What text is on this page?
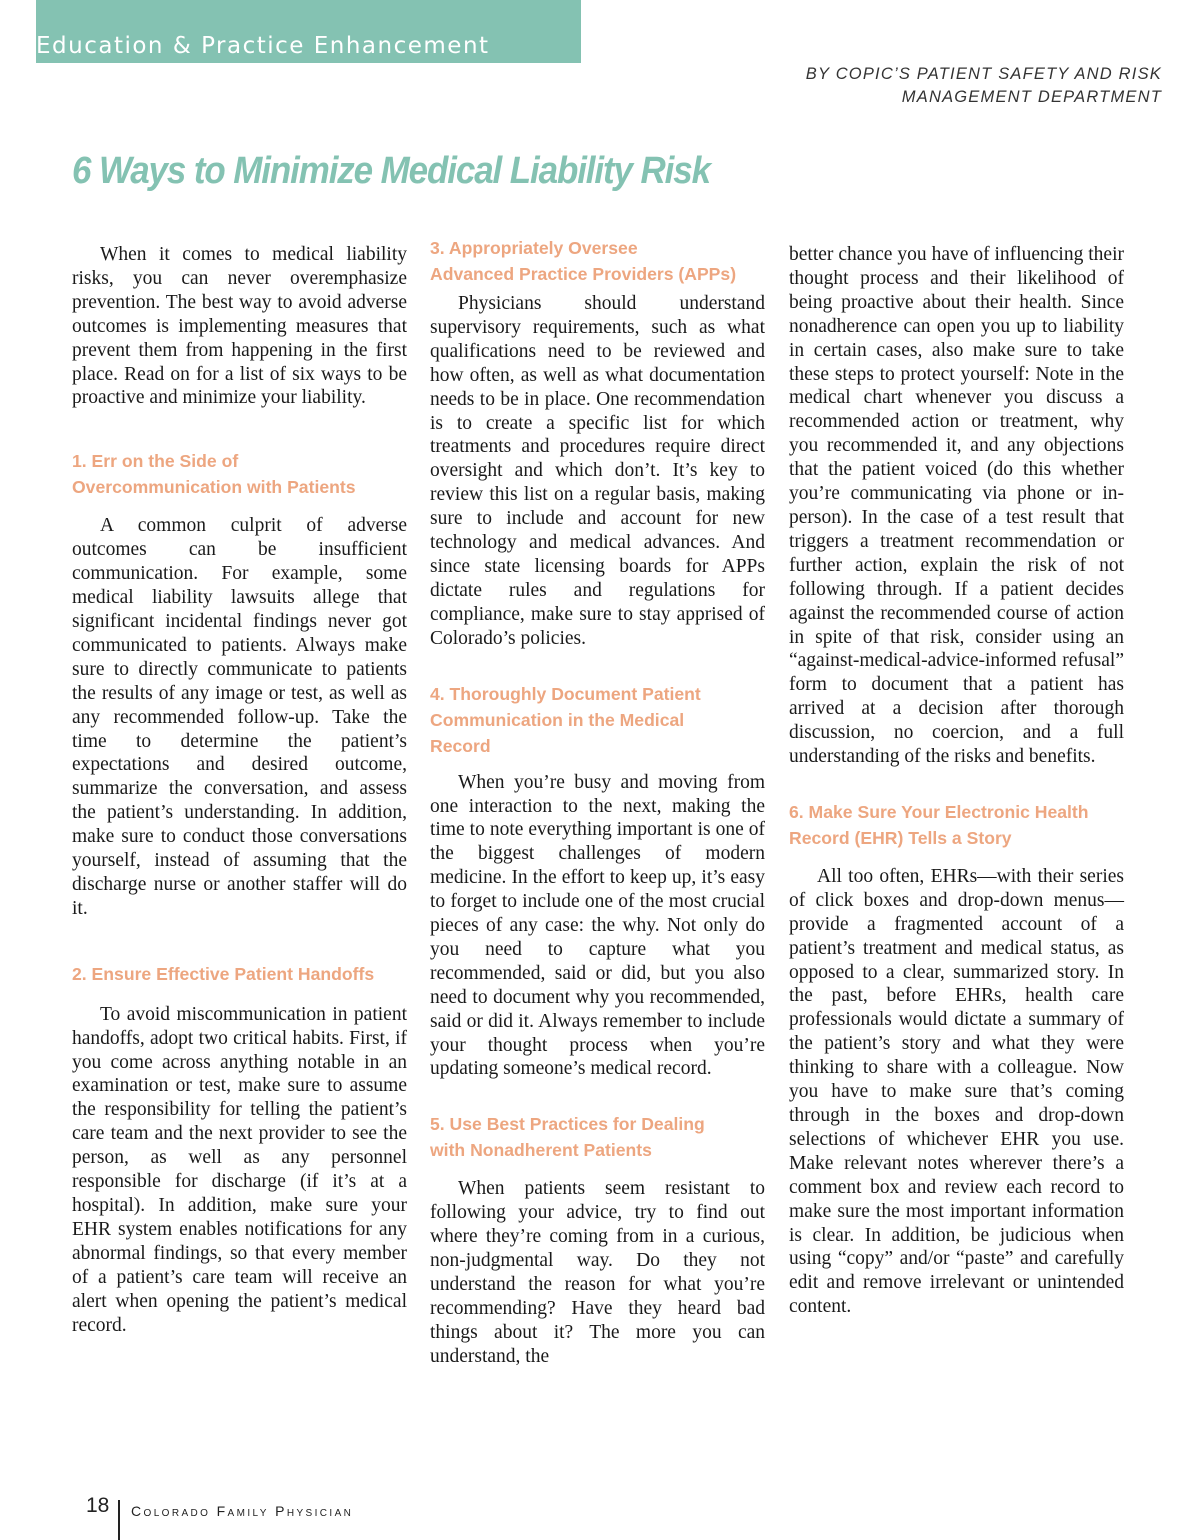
Education & Practice Enhancement
BY COPIC’S PATIENT SAFETY AND RISK
MANAGEMENT DEPARTMENT
6 Ways to Minimize Medical Liability Risk

When it comes to medical liability risks, you can never overemphasize prevention. The best way to avoid adverse outcomes is implementing measures that prevent them from happening in the first place. Read on for a list of six ways to be proactive and minimize your liability.

1. Err on the Side of
Overcommunication with Patients

A common culprit of adverse outcomes can be insufficient communication. For example, some medical liability lawsuits allege that significant incidental findings never got communicated to patients. Always make sure to directly communicate to patients the results of any image or test, as well as any recommended follow-up. Take the time to determine the patient’s expectations and desired outcome, summarize the conversation, and assess the patient’s understanding. In addition, make sure to conduct those conversations yourself, instead of assuming that the discharge nurse or another staffer will do it.

2. Ensure Effective Patient Handoffs

To avoid miscommunication in patient handoffs, adopt two critical habits. First, if you come across anything notable in an examination or test, make sure to assume the responsibility for telling the patient’s care team and the next provider to see the person, as well as any personnel responsible for discharge (if it’s at a hospital). In addition, make sure your EHR system enables notifications for any abnormal findings, so that every member of a patient’s care team will receive an alert when opening the patient’s medical record.

3. Appropriately Oversee
Advanced Practice Providers (APPs)

Physicians should understand supervisory requirements, such as what qualifications need to be reviewed and how often, as well as what documentation needs to be in place. One recommendation is to create a specific list for which treatments and procedures require direct oversight and which don’t. It’s key to review this list on a regular basis, making sure to include and account for new technology and medical advances. And since state licensing boards for APPs dictate rules and regulations for compliance, make sure to stay apprised of Colorado’s policies.

4. Thoroughly Document Patient
Communication in the Medical
Record

When you’re busy and moving from one interaction to the next, making the time to note everything important is one of the biggest challenges of modern medicine. In the effort to keep up, it’s easy to forget to include one of the most crucial pieces of any case: the why. Not only do you need to capture what you recommended, said or did, but you also need to document why you recommended, said or did it. Always remember to include your thought process when you’re updating someone’s medical record.

5. Use Best Practices for Dealing
with Nonadherent Patients

When patients seem resistant to following your advice, try to find out where they’re coming from in a curious, non-judgmental way. Do they not understand the reason for what you’re recommending? Have they heard bad things about it? The more you can understand, the

better chance you have of influencing their thought process and their likelihood of being proactive about their health. Since nonadherence can open you up to liability in certain cases, also make sure to take these steps to protect yourself: Note in the medical chart whenever you discuss a recommended action or treatment, why you recommended it, and any objections that the patient voiced (do this whether you’re communicating via phone or in-person). In the case of a test result that triggers a treatment recommendation or further action, explain the risk of not following through. If a patient decides against the recommended course of action in spite of that risk, consider using an “against-medical-advice-informed refusal” form to document that a patient has arrived at a decision after thorough discussion, no coercion, and a full understanding of the risks and benefits.

6. Make Sure Your Electronic Health
Record (EHR) Tells a Story

All too often, EHRs—with their series of click boxes and drop-down menus—provide a fragmented account of a patient’s treatment and medical status, as opposed to a clear, summarized story. In the past, before EHRs, health care professionals would dictate a summary of the patient’s story and what they were thinking to share with a colleague. Now you have to make sure that’s coming through in the boxes and drop-down selections of whichever EHR you use. Make relevant notes wherever there’s a comment box and review each record to make sure the most important information is clear. In addition, be judicious when using “copy” and/or “paste” and carefully edit and remove irrelevant or unintended content.

18 Colorado Family Physician
